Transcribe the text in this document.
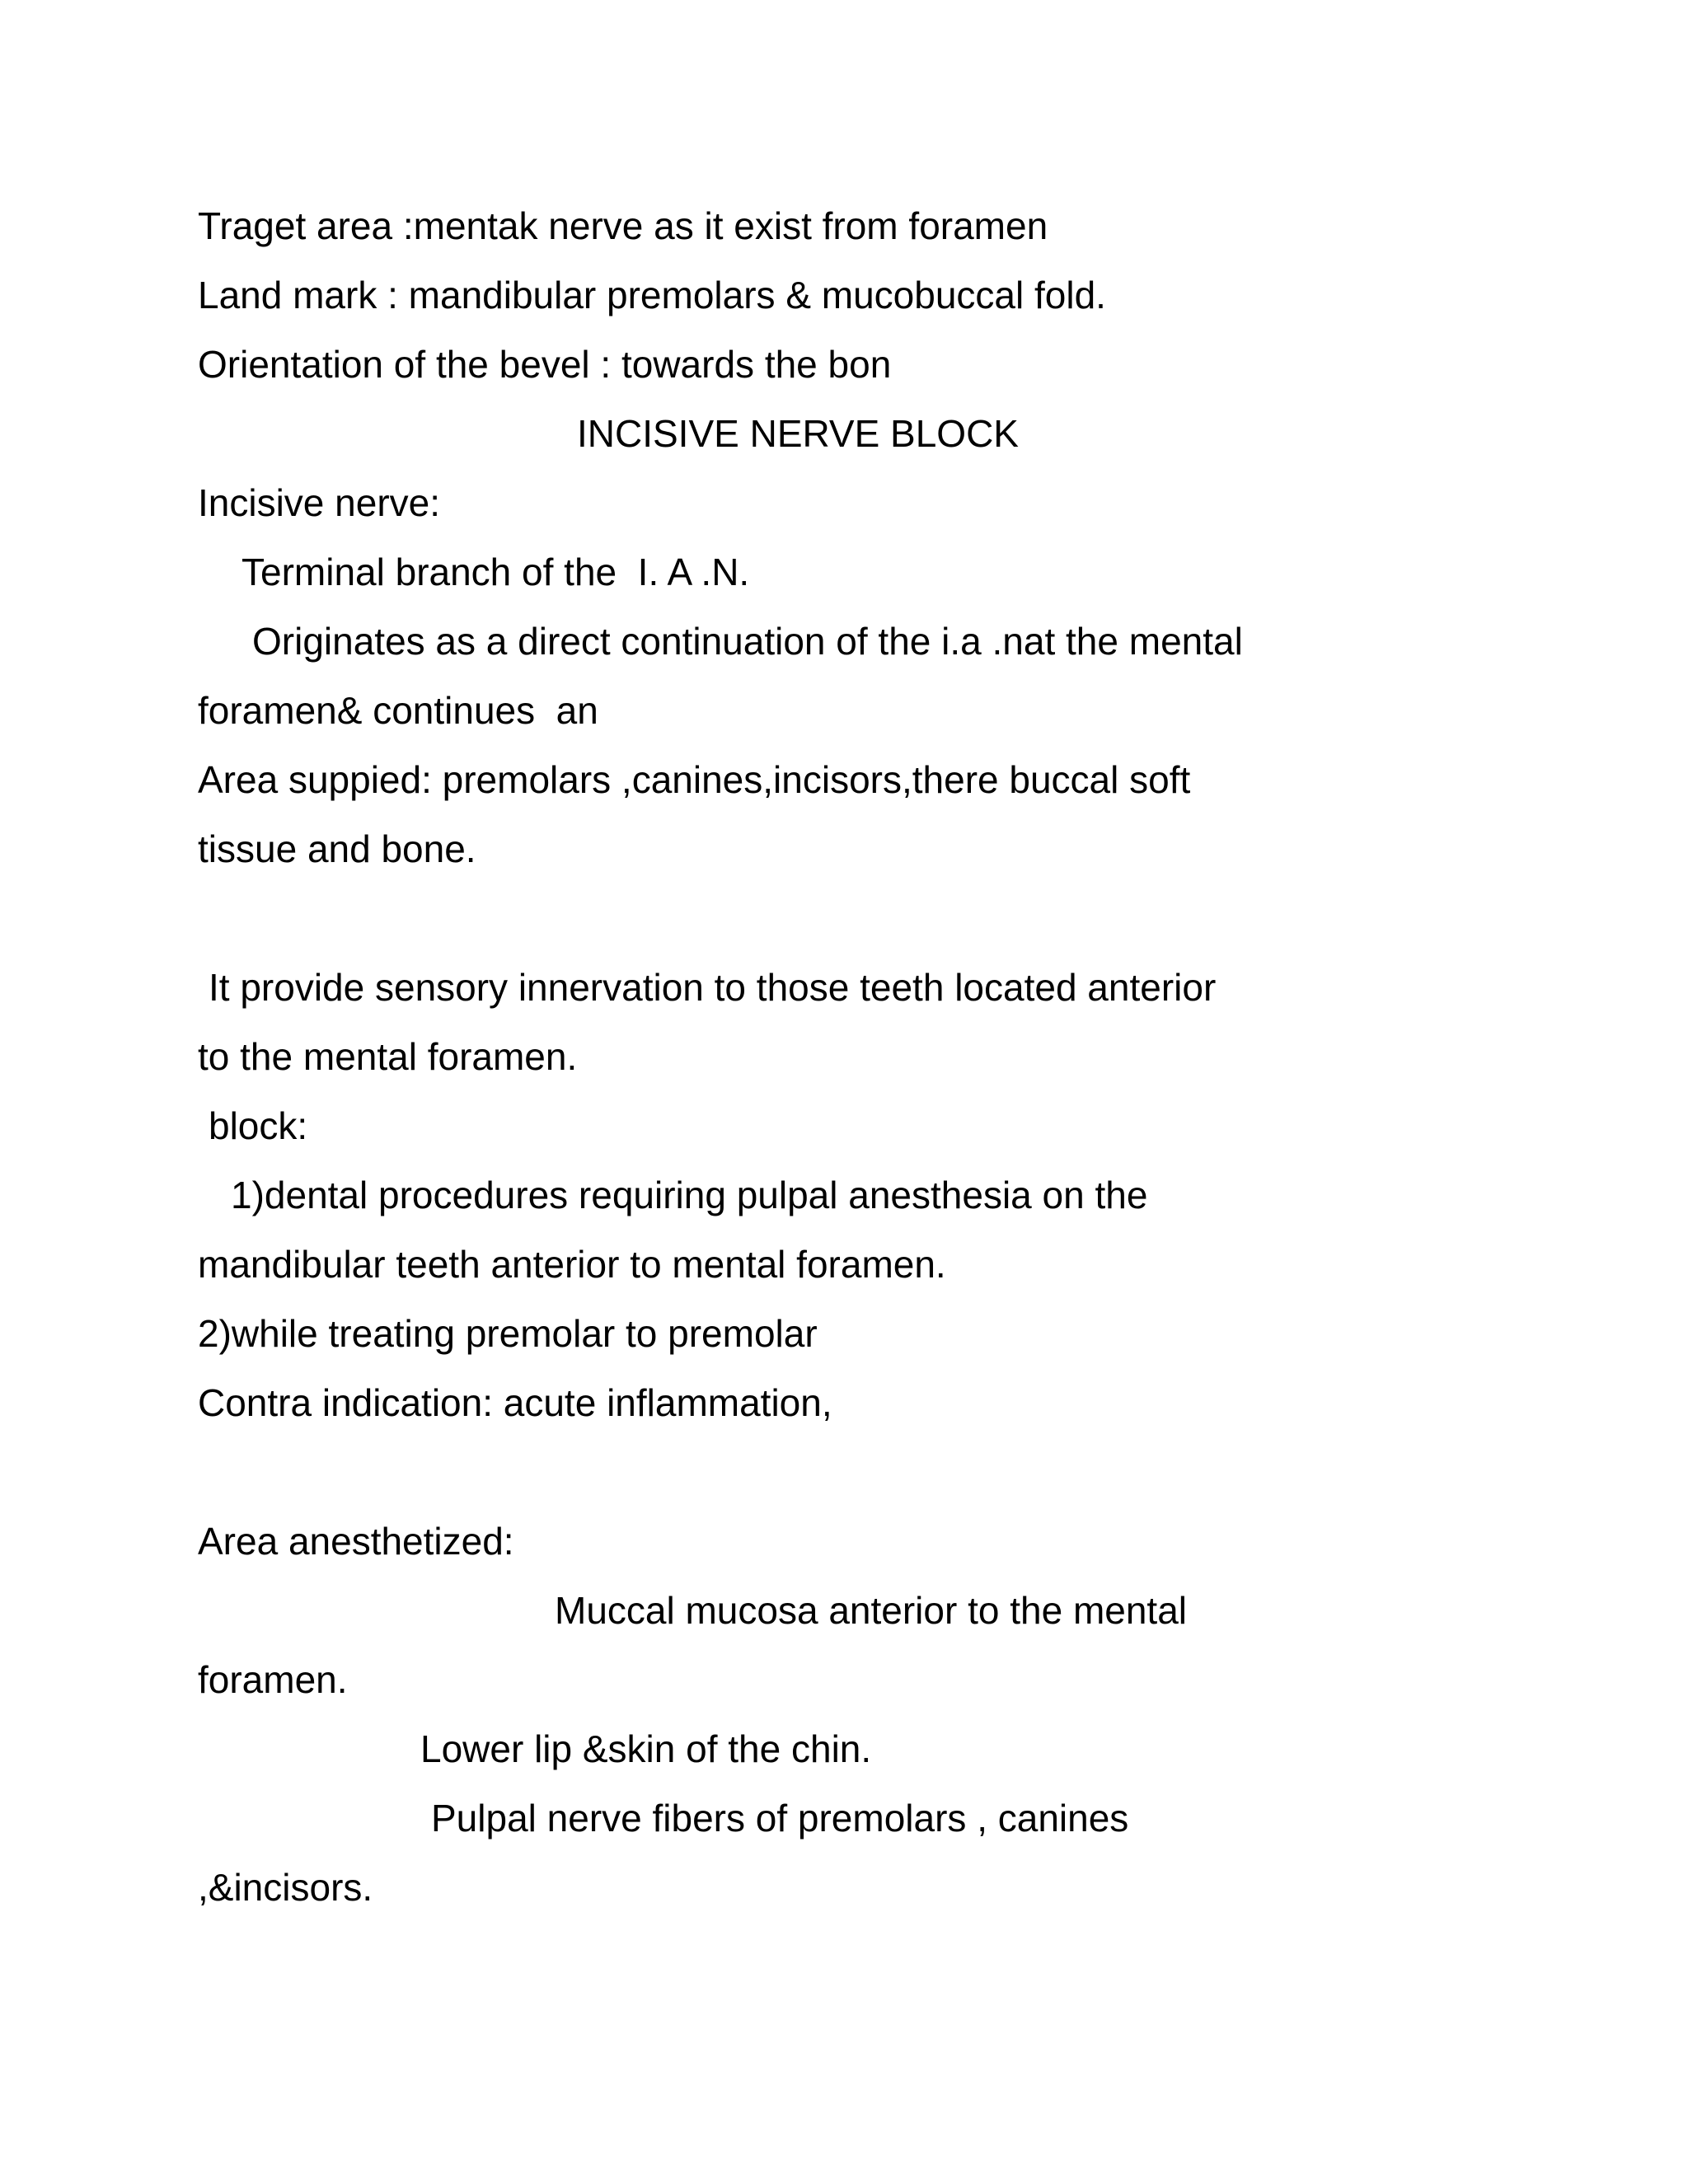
Traget area :mentak nerve as it exist from foramen
Land mark : mandibular premolars & mucobuccal fold.
Orientation of the bevel : towards the bon
INCISIVE NERVE BLOCK
Incisive nerve:
Terminal branch of the  I. A .N.
Originates as a direct continuation of the i.a .nat the mental
foramen& continues  an
Area suppied: premolars ,canines,incisors,there buccal soft
tissue and bone.
It provide sensory innervation to those teeth located anterior
to the mental foramen.
block:
1)dental procedures requiring pulpal anesthesia on the
mandibular teeth anterior to mental foramen.
2)while treating premolar to premolar
Contra indication: acute inflammation,
Area anesthetized:
Muccal mucosa anterior to the mental
foramen.
Lower lip &skin of the chin.
Pulpal nerve fibers of premolars , canines
,&incisors.
